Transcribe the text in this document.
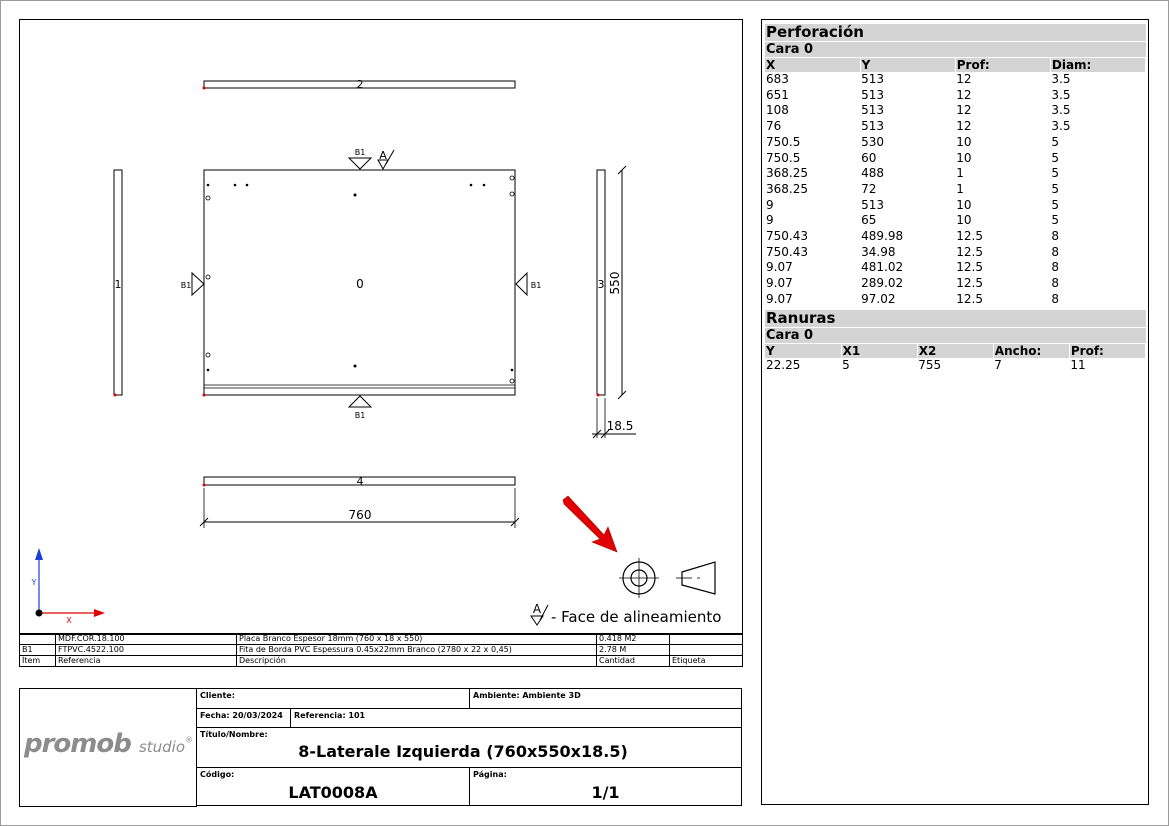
2
1	0
B1 A
B1	B1
B1
3 550
18.5
4
760
Y
X
A - Face de alineamiento
	MDF.COR.18.100	Placa Branco Espesor 18mm (760 x 18 x 550)	0.418 M2	
B1	FTPVC.4522.100	Fita de Borda PVC Espessura 0.45x22mm Branco (2780 x 22 x 0,45)	2.78 M	
Ítem	Referencia	Descripción	Cantidad	Etiqueta
promob studio®
Cliente:	Ambiente: Ambiente 3D
Fecha: 20/03/2024 Referencia: 101
Título/Nombre:
8-Laterale Izquierda (760x550x18.5)
Código:
LAT0008A
Página:
1/1
Perforación
Cara 0
X	Y	Prof:	Diam:
683	513	12	3.5
651	513	12	3.5
108	513	12	3.5
76	513	12	3.5
750.5	530	10	5
750.5	60	10	5
368.25	488	1	5
368.25	72	1	5
9	513	10	5
9	65	10	5
750.43	489.98	12.5	8
750.43	34.98	12.5	8
9.07	481.02	12.5	8
9.07	289.02	12.5	8
9.07	97.02	12.5	8
Ranuras
Cara 0
Y	X1	X2	Ancho:	Prof:
22.25	5	755	7	11
